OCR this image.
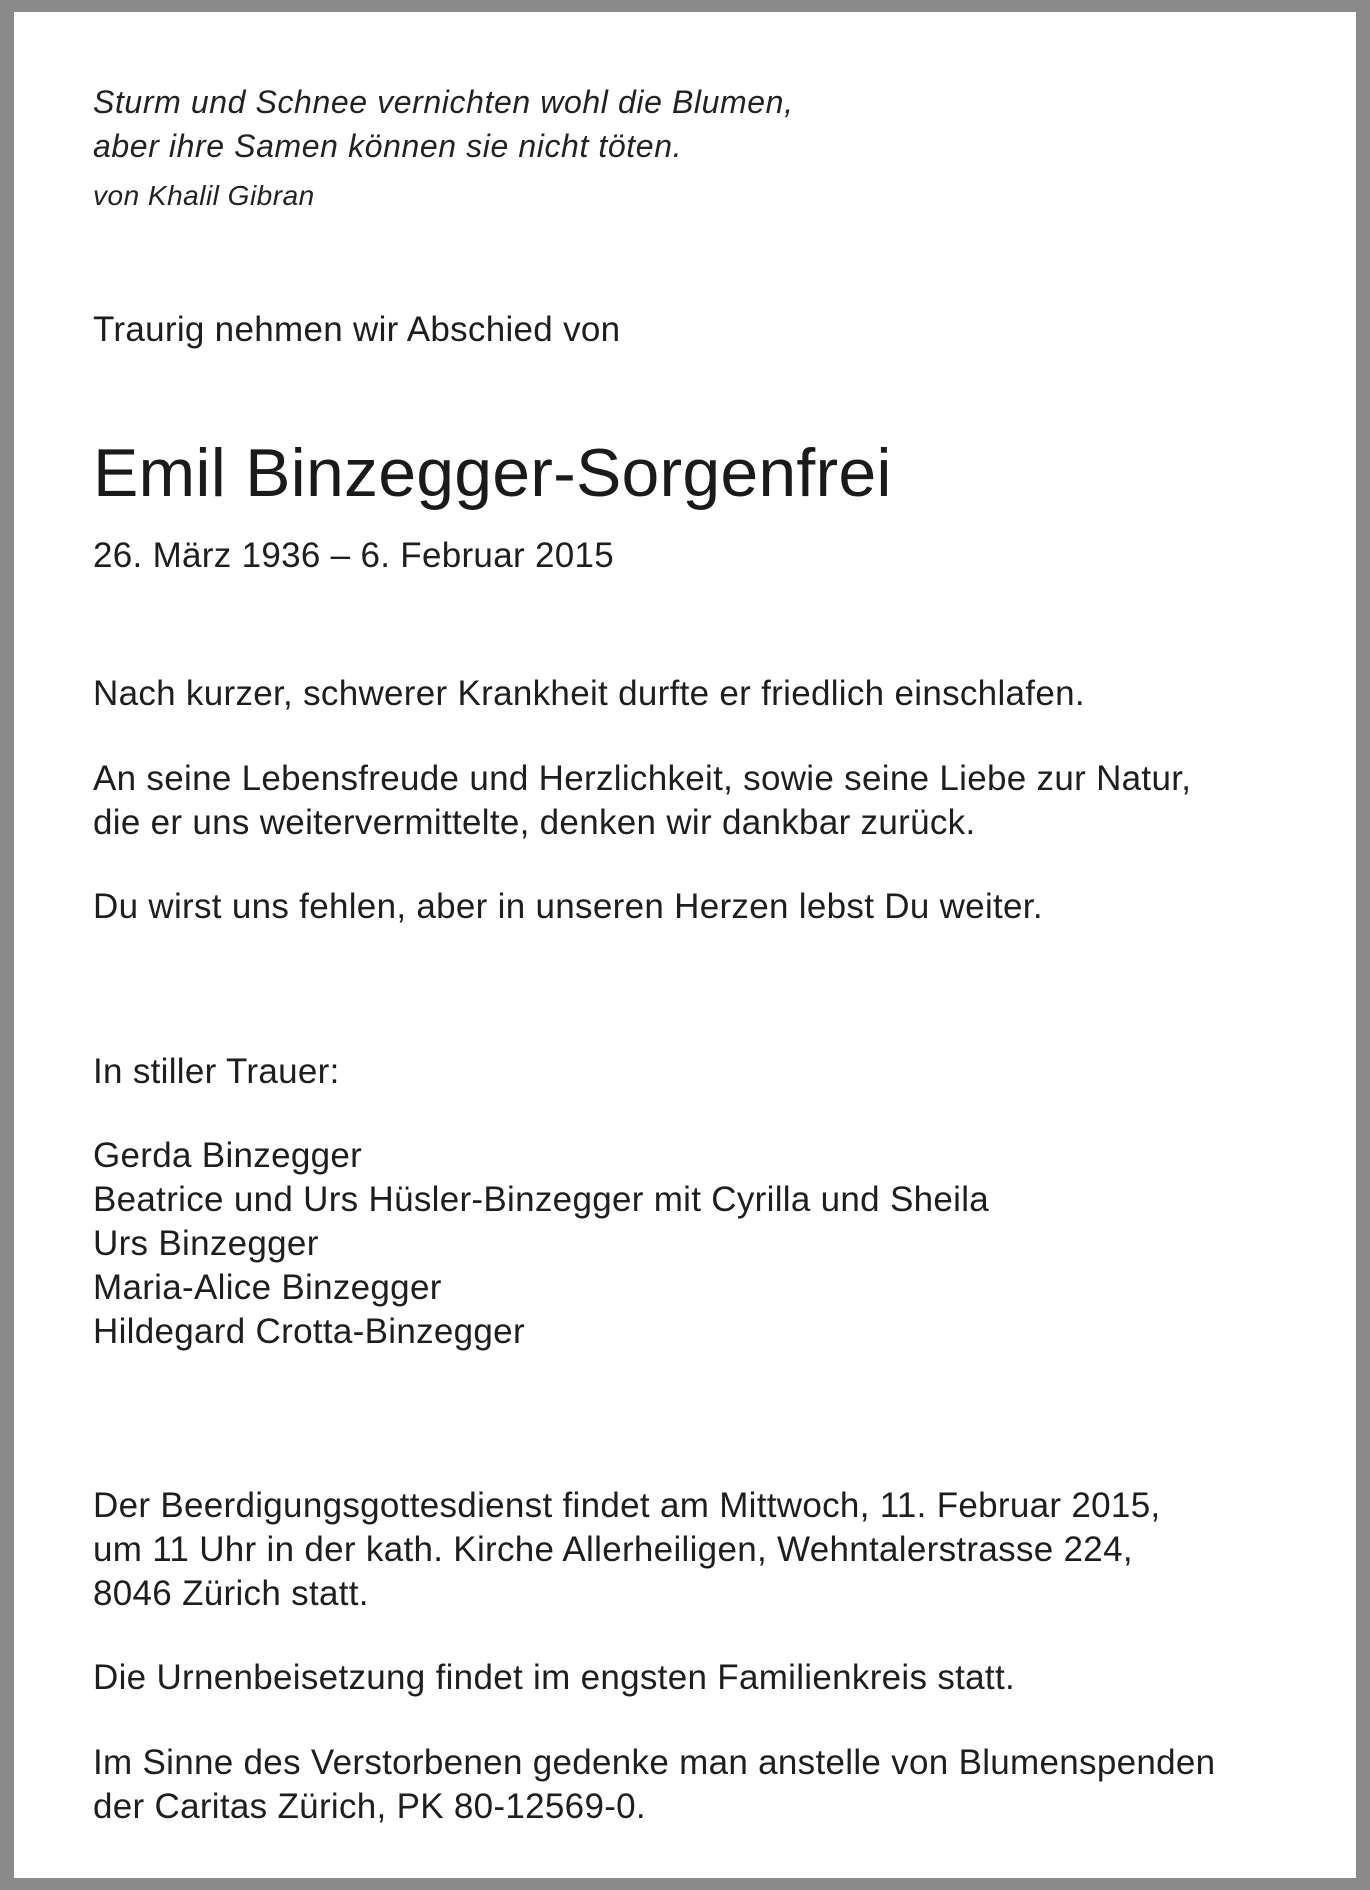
Sturm und Schnee vernichten wohl die Blumen,

aber ihre Samen können sie nicht töten.

von Khalil Gibran

Traurig nehmen wir Abschied von

Emil Binzegger-Sorgenfrei

26. März 1936 – 6. Februar 2015

Nach kurzer, schwerer Krankheit durfte er friedlich einschlafen.

An seine Lebensfreude und Herzlichkeit, sowie seine Liebe zur Natur,

die er uns weitervermittelte, denken wir dankbar zurück.

Du wirst uns fehlen, aber in unseren Herzen lebst Du weiter.

In stiller Trauer:

Gerda Binzegger
Beatrice und Urs Hüsler-Binzegger mit Cyrilla und Sheila
Urs Binzegger
Maria-Alice Binzegger
Hildegard Crotta-Binzegger

Der Beerdigungsgottesdienst findet am Mittwoch, 11. Februar 2015,

um 11 Uhr in der kath. Kirche Allerheiligen, Wehntalerstrasse 224,

8046 Zürich statt.

Die Urnenbeisetzung findet im engsten Familienkreis statt.

Im Sinne des Verstorbenen gedenke man anstelle von Blumenspenden

der Caritas Zürich, PK 80-12569-0.
